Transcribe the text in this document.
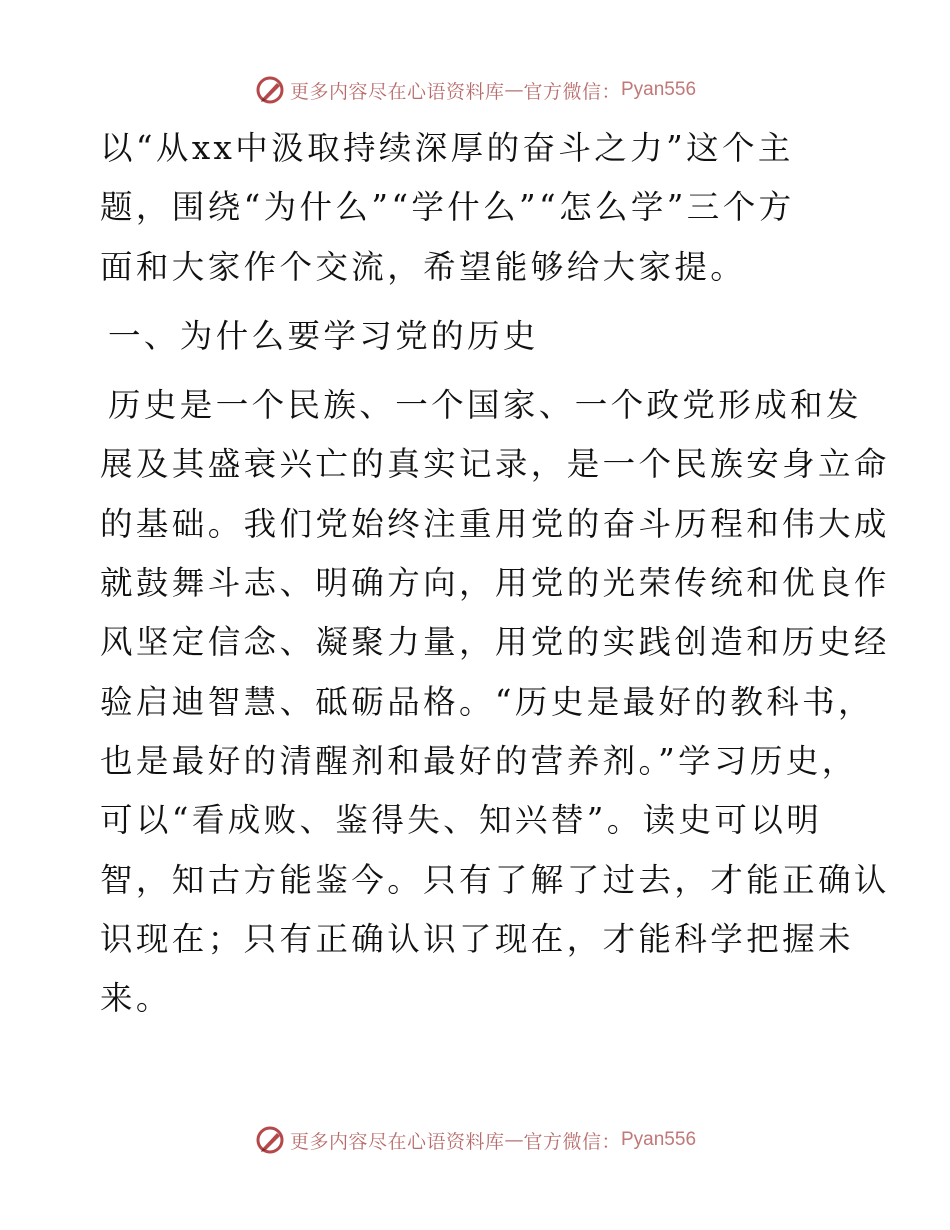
更多内容尽在心语资料库 — 官方微信： Pyan556
以“从xx中汲取持续深厚的奋斗之力”这个主
题，围绕“为什么”“学什么”“怎么学”三个方
面和大家作个交流，希望能够给大家提。
一、为什么要学习党的历史
历史是一个民族、一个国家、一个政党形成和发
展及其盛衰兴亡的真实记录，是一个民族安身立命
的基础。我们党始终注重用党的奋斗历程和伟大成
就鼓舞斗志、明确方向，用党的光荣传统和优良作
风坚定信念、凝聚力量，用党的实践创造和历史经
验启迪智慧、砥砺品格。“历史是最好的教科书，
也是最好的清醒剂和最好的营养剂。”学习历史，
可以“看成败、鉴得失、知兴替”。读史可以明
智，知古方能鉴今。只有了解了过去，才能正确认
识现在；只有正确认识了现在，才能科学把握未
来。
更多内容尽在心语资料库 — 官方微信： Pyan556
